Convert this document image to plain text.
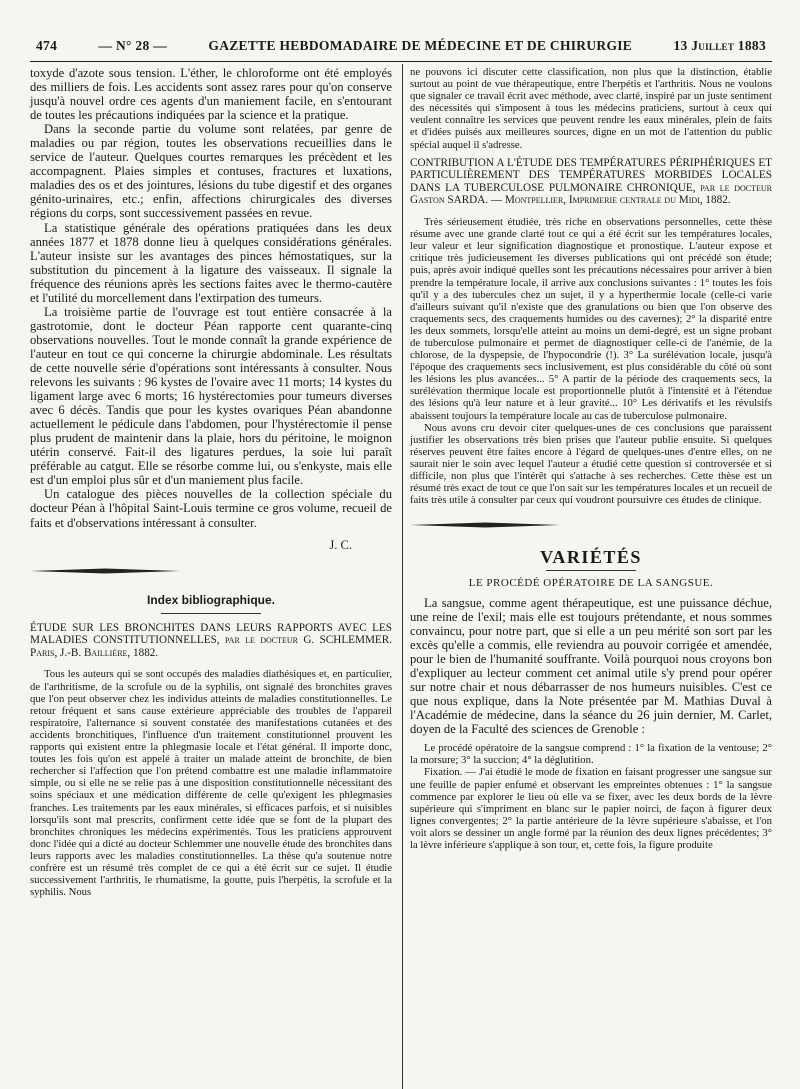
474	— N° 28 —	GAZETTE HEBDOMADAIRE DE MÉDECINE ET DE CHIRURGIE	13 Juillet 1883

toxyde d'azote sous tension. L'éther, le chloroforme ont été employés des milliers de fois. Les accidents sont assez rares pour qu'on conserve jusqu'à nouvel ordre ces agents d'un maniement facile, en s'entourant de toutes les précautions indiquées par la science et la pratique.

Dans la seconde partie du volume sont relatées, par genre de maladies ou par région, toutes les observations recueillies dans le service de l'auteur. Quelques courtes remarques les précèdent et les accompagnent. Plaies simples et contuses, fractures et luxations, maladies des os et des jointures, lésions du tube digestif et des organes génito-urinaires, etc.; enfin, affections chirurgicales des diverses régions du corps, sont successivement passées en revue.

La statistique générale des opérations pratiquées dans les deux années 1877 et 1878 donne lieu à quelques considérations générales. L'auteur insiste sur les avantages des pinces hémostatiques, sur la substitution du pincement à la ligature des vaisseaux. Il signale la fréquence des réunions après les sections faites avec le thermo-cautère et l'utilité du morcellement dans l'extirpation des tumeurs.

La troisième partie de l'ouvrage est tout entière consacrée à la gastrotomie, dont le docteur Péan rapporte cent quarante-cinq observations nouvelles. Tout le monde connaît la grande expérience de l'auteur en tout ce qui concerne la chirurgie abdominale. Les résultats de cette nouvelle série d'opérations sont intéressants à consulter. Nous relevons les suivants : 96 kystes de l'ovaire avec 11 morts; 14 kystes du ligament large avec 6 morts; 16 hystérectomies pour tumeurs diverses avec 6 décès. Tandis que pour les kystes ovariques Péan abandonne actuellement le pédicule dans l'abdomen, pour l'hystérectomie il pense plus prudent de maintenir dans la plaie, hors du péritoine, le moignon utérin conservé. Fait-il des ligatures perdues, la soie lui paraît préférable au catgut. Elle se résorbe comme lui, ou s'enkyste, mais elle est d'un emploi plus sûr et d'un maniement plus facile.

Un catalogue des pièces nouvelles de la collection spéciale du docteur Péan à l'hôpital Saint-Louis termine ce gros volume, recueil de faits et d'observations intéressant à consulter.

J. C.
Index bibliographique.

ÉTUDE SUR LES BRONCHITES DANS LEURS RAPPORTS AVEC LES MALADIES CONSTITUTIONNELLES, par le docteur G. SCHLEMMER. Paris, J.-B. Baillière, 1882.

Tous les auteurs qui se sont occupés des maladies diathésiques et, en particulier, de l'arthritisme, de la scrofule ou de la syphilis, ont signalé des bronchites graves que l'on peut observer chez les individus atteints de maladies constitutionnelles. Le retour fréquent et sans cause extérieure appréciable des troubles de l'appareil respiratoire, l'alternance si souvent constatée des manifestations cutanées et des accidents bronchitiques, l'influence d'un traitement constitutionnel prouvent les rapports qui existent entre la phlegmasie locale et l'état général. Il importe donc, toutes les fois qu'on est appelé à traiter un malade atteint de bronchite, de bien rechercher si l'affection que l'on prétend combattre est une maladie inflammatoire simple, ou si elle ne se relie pas à une disposition constitutionnelle nécessitant des soins spéciaux et une médication différente de celle qu'exigent les phlegmasies franches. Les traitements par les eaux minérales, si efficaces parfois, et si nuisibles lorsqu'ils sont mal prescrits, confirment cette idée que se font de la plupart des bronchites chroniques les médecins expérimentés. Tous les praticiens approuvent donc l'idée qui a dicté au docteur Schlemmer une nouvelle étude des bronchites dans leurs rapports avec les maladies constitutionnelles. La thèse qu'a soutenue notre confrère est un résumé très complet de ce qui a été écrit sur ce sujet. Il étudie successivement l'arthritis, le rhumatisme, la goutte, puis l'herpétis, la scrofule et la syphilis. Nous

ne pouvons ici discuter cette classification, non plus que la distinction, établie surtout au point de vue thérapeutique, entre l'herpétis et l'arthritis. Nous ne voulons que signaler ce travail écrit avec méthode, avec clarté, inspiré par un juste sentiment des nécessités qui s'imposent à tous les médecins praticiens, surtout à ceux qui veulent connaître les services que peuvent rendre les eaux minérales, plein de faits et d'idées puisés aux meilleures sources, digne en un mot de l'attention du public spécial auquel il s'adresse.

CONTRIBUTION A L'ÉTUDE DES TEMPÉRATURES PÉRIPHÉRIQUES ET PARTICULIÈREMENT DES TEMPÉRATURES MORBIDES LOCALES DANS LA TUBERCULOSE PULMONAIRE CHRONIQUE, par le docteur Gaston SARDA. — Montpellier, Imprimerie centrale du Midi, 1882.

Très sérieusement étudiée, très riche en observations personnelles, cette thèse résume avec une grande clarté tout ce qui a été écrit sur les températures locales, leur valeur et leur signification diagnostique et pronostique. L'auteur expose et critique très judicieusement les diverses publications qui ont précédé son étude; puis, après avoir indiqué quelles sont les précautions nécessaires pour arriver à bien prendre la température locale, il arrive aux conclusions suivantes : 1° toutes les fois qu'il y a des tubercules chez un sujet, il y a hyperthermie locale (celle-ci varie d'ailleurs suivant qu'il n'existe que des granulations ou bien que l'on observe des craquements secs, des craquements humides ou des cavernes); 2° la disparité entre les deux sommets, lorsqu'elle atteint au moins un demi-degré, est un signe probant de tuberculose pulmonaire et permet de diagnostiquer celle-ci de l'anémie, de la chlorose, de la dyspepsie, de l'hypocondrie (!). 3° La surélévation locale, jusqu'à l'époque des craquements secs inclusivement, est plus considérable du côté où sont les lésions les plus avancées... 5° A partir de la période des craquements secs, la surélévation thermique locale est proportionnelle plutôt à l'intensité et à l'étendue des lésions qu'à leur nature et à leur gravité... 10° Les dérivatifs et les révulsifs abaissent toujours la température locale au cas de tuberculose pulmonaire.

Nous avons cru devoir citer quelques-unes de ces conclusions que paraissent justifier les observations très bien prises que l'auteur publie ensuite. Si quelques réserves peuvent être faites encore à l'égard de quelques-unes d'entre elles, on ne saurait nier le soin avec lequel l'auteur a étudié cette question si controversée et si difficile, non plus que l'intérêt qui s'attache à ses recherches. Cette thèse est un résumé très exact de tout ce que l'on sait sur les températures locales et un recueil de faits très utile à consulter par ceux qui voudront poursuivre ces études de clinique.

VARIÉTÉS
LE PROCÉDÉ OPÉRATOIRE DE LA SANGSUE.

La sangsue, comme agent thérapeutique, est une puissance déchue, une reine de l'exil; mais elle est toujours prétendante, et nous sommes convaincu, pour notre part, que si elle a un peu mérité son sort par les excès qu'elle a commis, elle reviendra au pouvoir corrigée et amendée, pour le bien de l'humanité souffrante. Voilà pourquoi nous croyons bon d'expliquer au lecteur comment cet animal utile s'y prend pour opérer sur notre chair et nous débarrasser de nos humeurs nuisibles. C'est ce que nous explique, dans la Note présentée par M. Mathias Duval à l'Académie de médecine, dans la séance du 26 juin dernier, M. Carlet, doyen de la Faculté des sciences de Grenoble :

Le procédé opératoire de la sangsue comprend : 1° la fixation de la ventouse; 2° la morsure; 3° la succion; 4° la déglutition.

Fixation. — J'ai étudié le mode de fixation en faisant progresser une sangsue sur une feuille de papier enfumé et observant les empreintes obtenues : 1° la sangsue commence par explorer le lieu où elle va se fixer, avec les deux bords de la lèvre supérieure qui s'impriment en blanc sur le papier noirci, de façon à figurer deux lignes convergentes; 2° la partie antérieure de la lèvre supérieure s'abaisse, et l'on voit alors se dessiner un angle formé par la réunion des deux lignes précédentes; 3° la lèvre inférieure s'applique à son tour, et, cette fois, la figure produite
